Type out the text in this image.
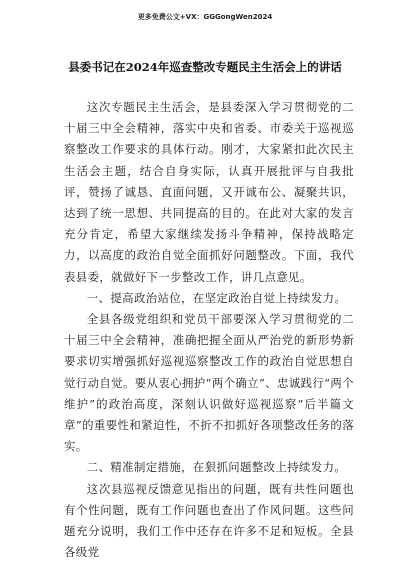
更多免费公文+VX：GGGongWen2024
县委书记在2024年巡查整改专题民主生活会上的讲话

这次专题民主生活会，是县委深入学习贯彻党的二十届三中全会精神，落实中央和省委、市委关于巡视巡察整改工作要求的具体行动。刚才，大家紧扣此次民主生活会主题，结合自身实际，认真开展批评与自我批评，赞扬了诚恳、直面问题，又开诚布公、凝聚共识，达到了统一思想、共同提高的目的。在此对大家的发言充分肯定，希望大家继续发扬斗争精神，保持战略定力，以高度的政治自觉全面抓好问题整改。下面，我代表县委，就做好下一步整改工作，讲几点意见。

一、提高政治站位，在坚定政治自觉上持续发力。

全县各级党组织和党员干部要深入学习贯彻党的二十届三中全会精神，准确把握全面从严治党的新形势新要求切实增强抓好巡视巡察整改工作的政治自觉思想自觉行动自觉。要从衷心拥护“两个确立”、忠诚践行“两个维护”的政治高度，深刻认识做好巡视巡察“后半篇文章”的重要性和紧迫性，不折不扣抓好各项整改任务的落实。

二、精准制定措施，在狠抓问题整改上持续发力。

这次县巡视反馈意见指出的问题，既有共性问题也有个性问题，既有工作问题也查出了作风问题。这些问题充分说明，我们工作中还存在许多不足和短板。全县各级党
